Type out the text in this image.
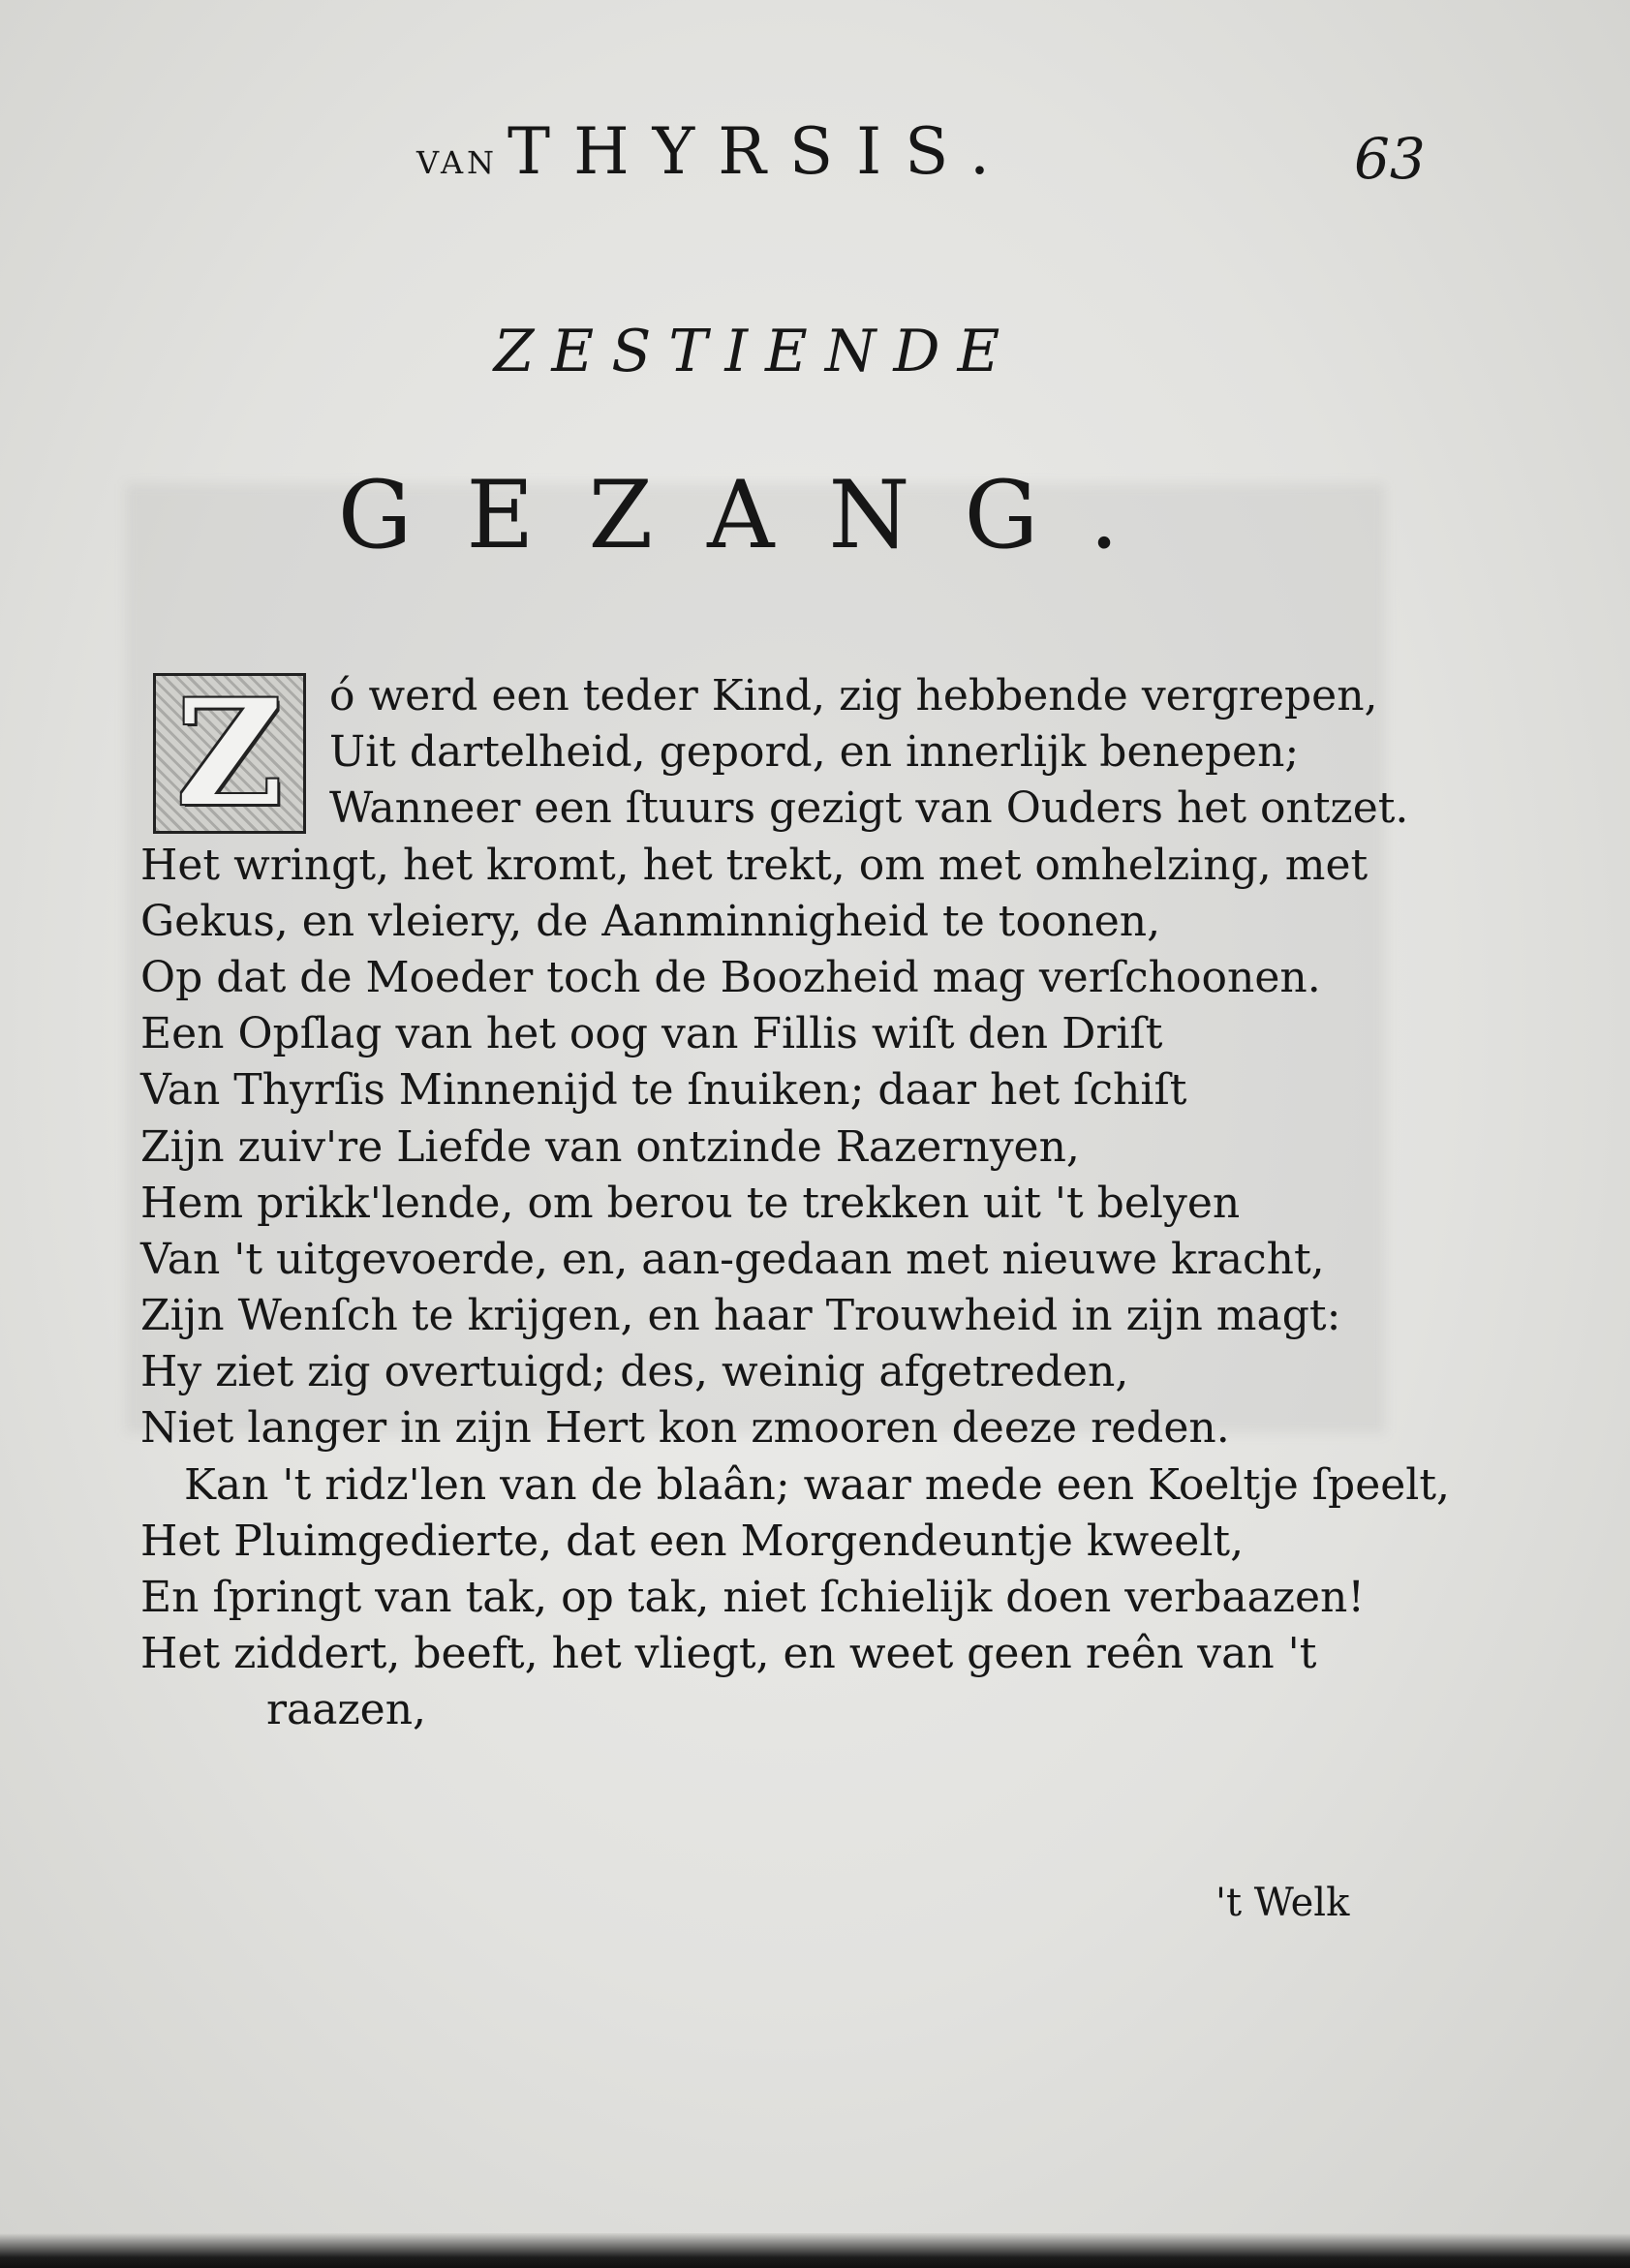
VAN THYRSIS.	63
ZESTIENDE
GEZANG.
Z	ó werd een teder Kind, zig hebbende vergrepen,
Uit dartelheid, gepord, en innerlijk benepen;
Wanneer een ſtuurs gezigt van Ouders het ontzet.
Het wringt, het kromt, het trekt, om met omhelzing, met
Gekus, en vleiery, de Aanminnigheid te toonen,
Op dat de Moeder toch de Boozheid mag verſchoonen.
Een Opſlag van het oog van Fillis wiſt den Driſt
Van Thyrſis Minnenijd te ſnuiken; daar het ſchiſt
Zijn zuiv're Liefde van ontzinde Razernyen,
Hem prikk'lende, om berou te trekken uit 't belyen
Van 't uitgevoerde, en, aan-gedaan met nieuwe kracht,
Zijn Wenſch te krijgen, en haar Trouwheid in zijn magt:
Hy ziet zig overtuigd; des, weinig afgetreden,
Niet langer in zijn Hert kon zmooren deeze reden.
Kan 't ridz'len van de blaân; waar mede een Koeltje ſpeelt,
Het Pluimgedierte, dat een Morgendeuntje kweelt,
En ſpringt van tak, op tak, niet ſchielijk doen verbaazen!
Het ziddert, beeft, het vliegt, en weet geen reên van 't
raazen,
't Welk
